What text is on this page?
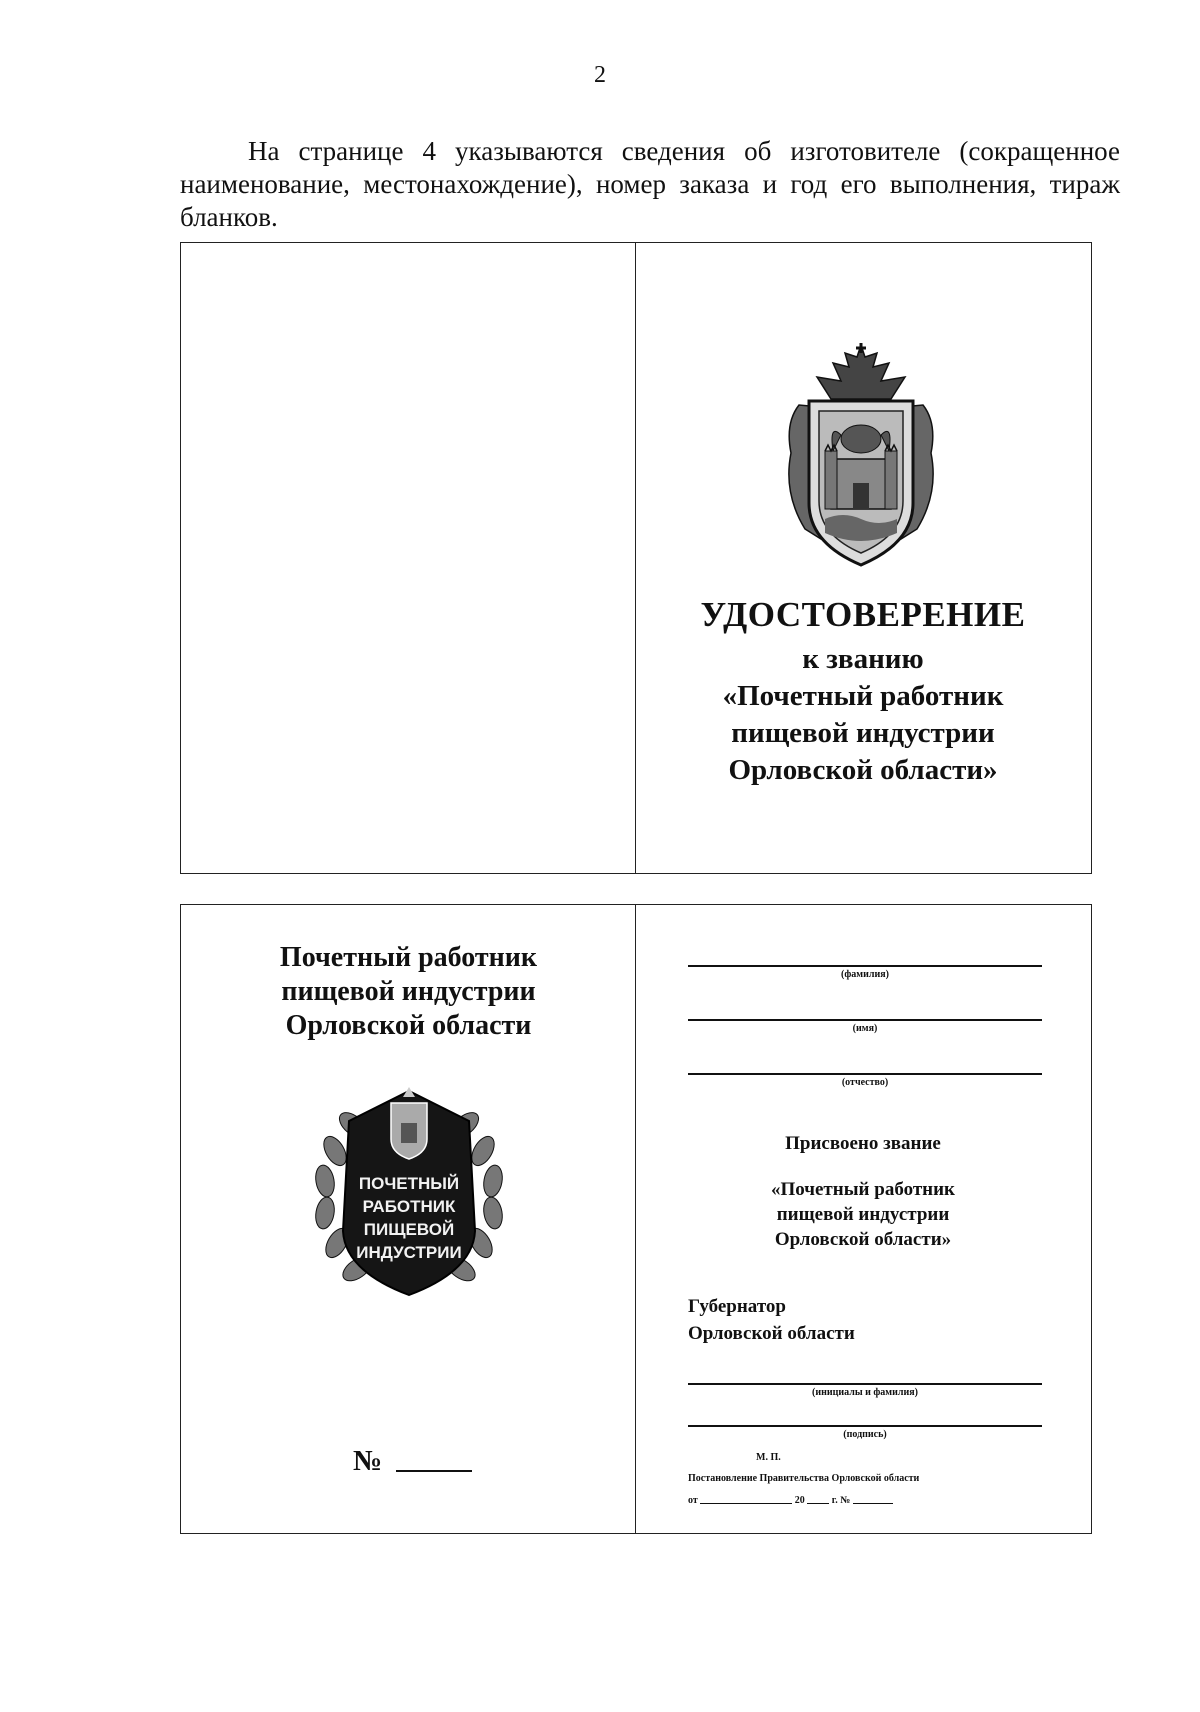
2

На странице 4 указываются сведения об изготовителе (сокращенное наименование, местонахождение), номер заказа и год его выполнения, тираж бланков.

УДОСТОВЕРЕНИЕ
к званию
«Почетный работник
пищевой индустрии
Орловской области»
Почетный работник
пищевой индустрии
Орловской области
ПОЧЕТНЫЙ
РАБОТНИК
ПИЩЕВОЙ
ИНДУСТРИИ
№
(фамилия)
(имя)
(отчество)
Присвоено звание
«Почетный работник
пищевой индустрии
Орловской области»
Губернатор
Орловской области
(инициалы и фамилия)
(подпись)
М. П.
Постановление Правительства Орловской области
от	20	г. №
